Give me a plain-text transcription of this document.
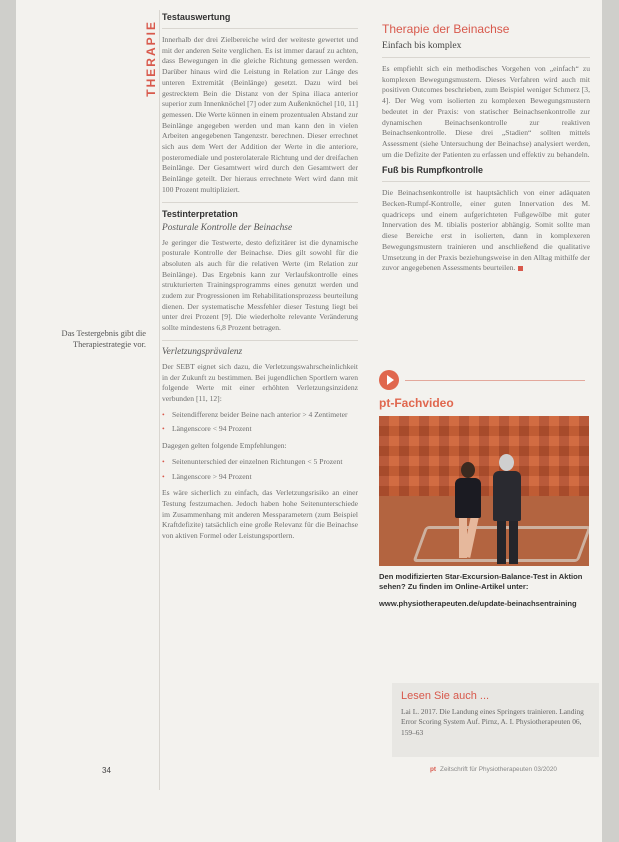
THERAPIE
Das Testergebnis gibt die Therapiestrategie vor.
Testauswertung

Innerhalb der drei Zielbereiche wird der weiteste gewertet und mit der anderen Seite verglichen. Es ist immer darauf zu achten, dass Bewegungen in die gleiche Richtung gemessen werden. Darüber hinaus wird die Leistung in Relation zur Länge des unteren Extremität (Beinlänge) gesetzt. Dazu wird bei gestrecktem Bein die Distanz von der Spina iliaca anterior superior zum Innenknöchel [7] oder zum Außenknöchel [10, 11] gemessen. Die Werte können in einem prozentualen Abstand zur Beinlänge angegeben werden und man kann den in vielen Arbeiten angegebenen Tangenzstr. berechnen. Dieser errechnet sich aus dem Wert der Addition der Werte in die anteriore, posteromediale und posterolaterale Richtung und der dreifachen Beinlänge. Der Gesamtwert wird durch den Gesamtwert der Beinlänge geteilt. Der hieraus errechnete Wert wird dann mit 100 Prozent multipliziert.

Testinterpretation
Posturale Kontrolle der Beinachse

Je geringer die Testwerte, desto defizitärer ist die dynamische posturale Kontrolle der Beinachse. Dies gilt sowohl für die absoluten als auch für die relativen Werte (im Relation zur Beinlänge). Das Ergebnis kann zur Verlaufskontrolle eines strukturierten Trainingsprogramms eines genutzt werden und zudem zur Progressionen im Rehabilitationsprozess beurteilung dienen. Der systematische Messfehler dieser Testung liegt bei unter drei Prozent [9]. Die wiederholte relevante Veränderung sollte mindestens 6,8 Prozent betragen.

Verletzungsprävalenz

Der SEBT eignet sich dazu, die Verletzungswahrscheinlichkeit in der Zukunft zu bestimmen. Bei jugendlichen Sportlern waren folgende Werte mit einer erhöhten Verletzungsinzidenz verbunden [11, 12]:

• Seitendifferenz beider Beine nach anterior > 4 Zentimeter
• Längenscore < 94 Prozent

Dagegen gelten folgende Empfehlungen:

• Seitenunterschied der einzelnen Richtungen < 5 Prozent
• Längenscore > 94 Prozent

Es wäre sicherlich zu einfach, das Verletzungsrisiko an einer Testung festzumachen. Jedoch haben hohe Seitenunterschiede im Zusammenhang mit anderen Messparametern (zum Beispiel Kraftdefizite) tatsächlich eine große Relevanz für die Beinachse von aktiven Formel oder Leistungsportlern.

Therapie der Beinachse
Einfach bis komplex

Es empfiehlt sich ein methodisches Vorgehen von „einfach“ zu komplexen Bewegungsmustern. Dieses Verfahren wird auch mit positiven Outcomes beschrieben, zum Beispiel weniger Schmerz [3, 4]. Der Weg vom isolierten zu komplexen Bewegungsmustern bedeutet in der Praxis: von statischer Beinachsenkontrolle zur dynamischen Beinachsenkontrolle zur reaktiven Beinachsenkontrolle. Diese drei „Stadien“ sollten mittels Assessment (siehe Untersuchung der Beinachse) analysiert werden, um die Defizite der Patienten zu erfassen und effektiv zu behandeln.

Fuß bis Rumpfkontrolle

Die Beinachsenkontrolle ist hauptsächlich von einer adäquaten Becken-Rumpf-Kontrolle, einer guten Innervation des M. quadriceps und einem aufgerichteten Fußgewölbe mit guter Innervation des M. tibialis posterior abhängig. Somit sollte man diese Bereiche erst in isolierten, dann in komplexeren Bewegungsmustern trainieren und anschließend die qualitative Umsetzung in der Praxis beziehungsweise in den Alltag mithilfe der zuvor angegebenen Assessments beurteilen.

pt-Fachvideo
Den modifizierten Star-Excursion-Balance-Test in Aktion sehen? Zu finden im Online-Artikel unter:
www.physiotherapeuten.de/update-beinachsentraining
Lesen Sie auch ...

Lai L. 2017. Die Landung eines Springers trainieren. Landing Error Scoring System Auf. Pirnz, A. I. Physiotherapeuten 06, 159–63

34	pt Zeitschrift für Physiotherapeuten 03/2020
